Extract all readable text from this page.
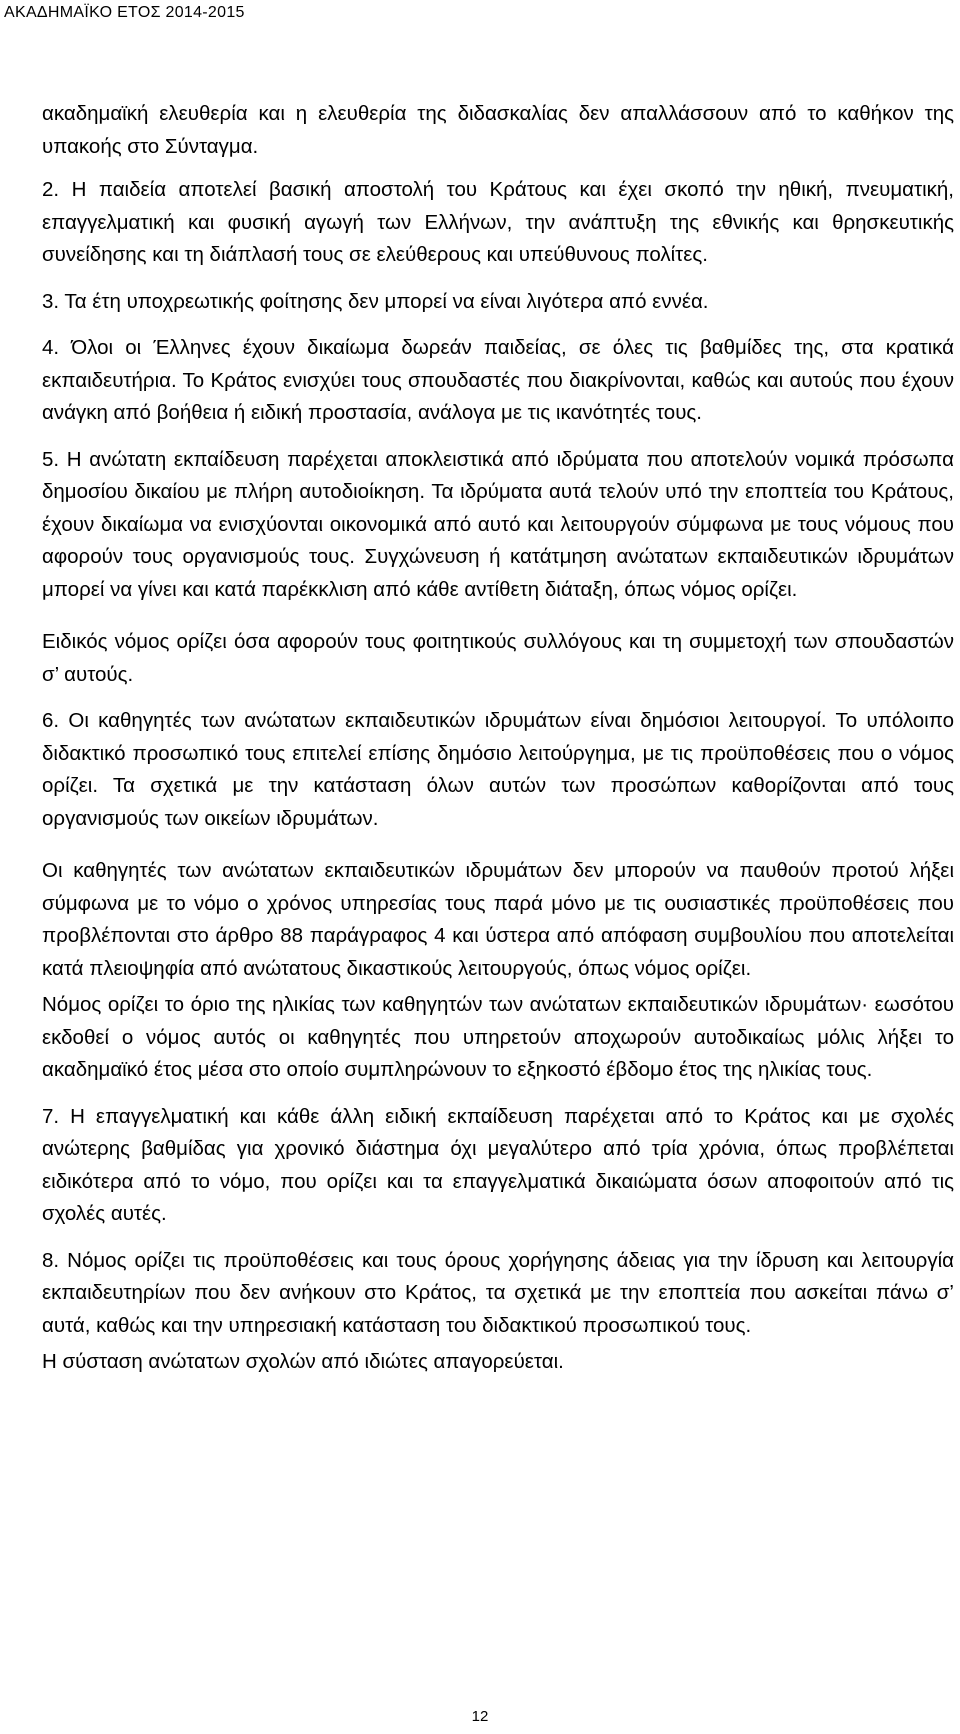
ΑΚΑΔΗΜΑΪΚΟ ΕΤΟΣ 2014-2015

ακαδημαϊκή ελευθερία και η ελευθερία της διδασκαλίας δεν απαλλάσσουν από το καθήκον της υπακοής στο Σύνταγμα.

2. Η παιδεία αποτελεί βασική αποστολή του Κράτους και έχει σκοπό την ηθική, πνευματική, επαγγελματική και φυσική αγωγή των Ελλήνων, την ανάπτυξη της εθνικής και θρησκευτικής συνείδησης και τη διάπλασή τους σε ελεύθερους και υπεύθυνους πολίτες.

3. Τα έτη υποχρεωτικής φοίτησης δεν μπορεί να είναι λιγότερα από εννέα.

4. Όλοι οι Έλληνες έχουν δικαίωμα δωρεάν παιδείας, σε όλες τις βαθμίδες της, στα κρατικά εκπαιδευτήρια. Το Κράτος ενισχύει τους σπουδαστές που διακρίνονται, καθώς και αυτούς που έχουν ανάγκη από βοήθεια ή ειδική προστασία, ανάλογα με τις ικανότητές τους.

5. Η ανώτατη εκπαίδευση παρέχεται αποκλειστικά από ιδρύματα που αποτελούν νομικά πρόσωπα δημοσίου δικαίου με πλήρη αυτοδιοίκηση. Τα ιδρύματα αυτά τελούν υπό την εποπτεία του Κράτους, έχουν δικαίωμα να ενισχύονται οικονομικά από αυτό και λειτουργούν σύμφωνα με τους νόμους που αφορούν τους οργανισμούς τους. Συγχώνευση ή κατάτμηση ανώτατων εκπαιδευτικών ιδρυμάτων μπορεί να γίνει και κατά παρέκκλιση από κάθε αντίθετη διάταξη, όπως νόμος ορίζει.

Ειδικός νόμος ορίζει όσα αφορούν τους φοιτητικούς συλλόγους και τη συμμετοχή των σπουδαστών σ’ αυτούς.

6. Οι καθηγητές των ανώτατων εκπαιδευτικών ιδρυμάτων είναι δημόσιοι λειτουργοί. Το υπόλοιπο διδακτικό προσωπικό τους επιτελεί επίσης δημόσιο λειτούργημα, με τις προϋποθέσεις που ο νόμος ορίζει. Τα σχετικά με την κατάσταση όλων αυτών των προσώπων καθορίζονται από τους οργανισμούς των οικείων ιδρυμάτων.

Οι καθηγητές των ανώτατων εκπαιδευτικών ιδρυμάτων δεν μπορούν να παυθούν προτού λήξει σύμφωνα με το νόμο ο χρόνος υπηρεσίας τους παρά μόνο με τις ουσιαστικές προϋποθέσεις που προβλέπονται στο άρθρο 88 παράγραφος 4 και ύστερα από απόφαση συμβουλίου που αποτελείται κατά πλειοψηφία από ανώτατους δικαστικούς λειτουργούς, όπως νόμος ορίζει.

Νόμος ορίζει το όριο της ηλικίας των καθηγητών των ανώτατων εκπαιδευτικών ιδρυμάτων· εωσότου εκδοθεί ο νόμος αυτός οι καθηγητές που υπηρετούν αποχωρούν αυτοδικαίως μόλις λήξει το ακαδημαϊκό έτος μέσα στο οποίο συμπληρώνουν το εξηκοστό έβδομο έτος της ηλικίας τους.

7. Η επαγγελματική και κάθε άλλη ειδική εκπαίδευση παρέχεται από το Κράτος και με σχολές ανώτερης βαθμίδας για χρονικό διάστημα όχι μεγαλύτερο από τρία χρόνια, όπως προβλέπεται ειδικότερα από το νόμο, που ορίζει και τα επαγγελματικά δικαιώματα όσων αποφοιτούν από τις σχολές αυτές.

8. Νόμος ορίζει τις προϋποθέσεις και τους όρους χορήγησης άδειας για την ίδρυση και λειτουργία εκπαιδευτηρίων που δεν ανήκουν στο Κράτος, τα σχετικά με την εποπτεία που ασκείται πάνω σ’ αυτά, καθώς και την υπηρεσιακή κατάσταση του διδακτικού προσωπικού τους.

Η σύσταση ανώτατων σχολών από ιδιώτες απαγορεύεται.

12
